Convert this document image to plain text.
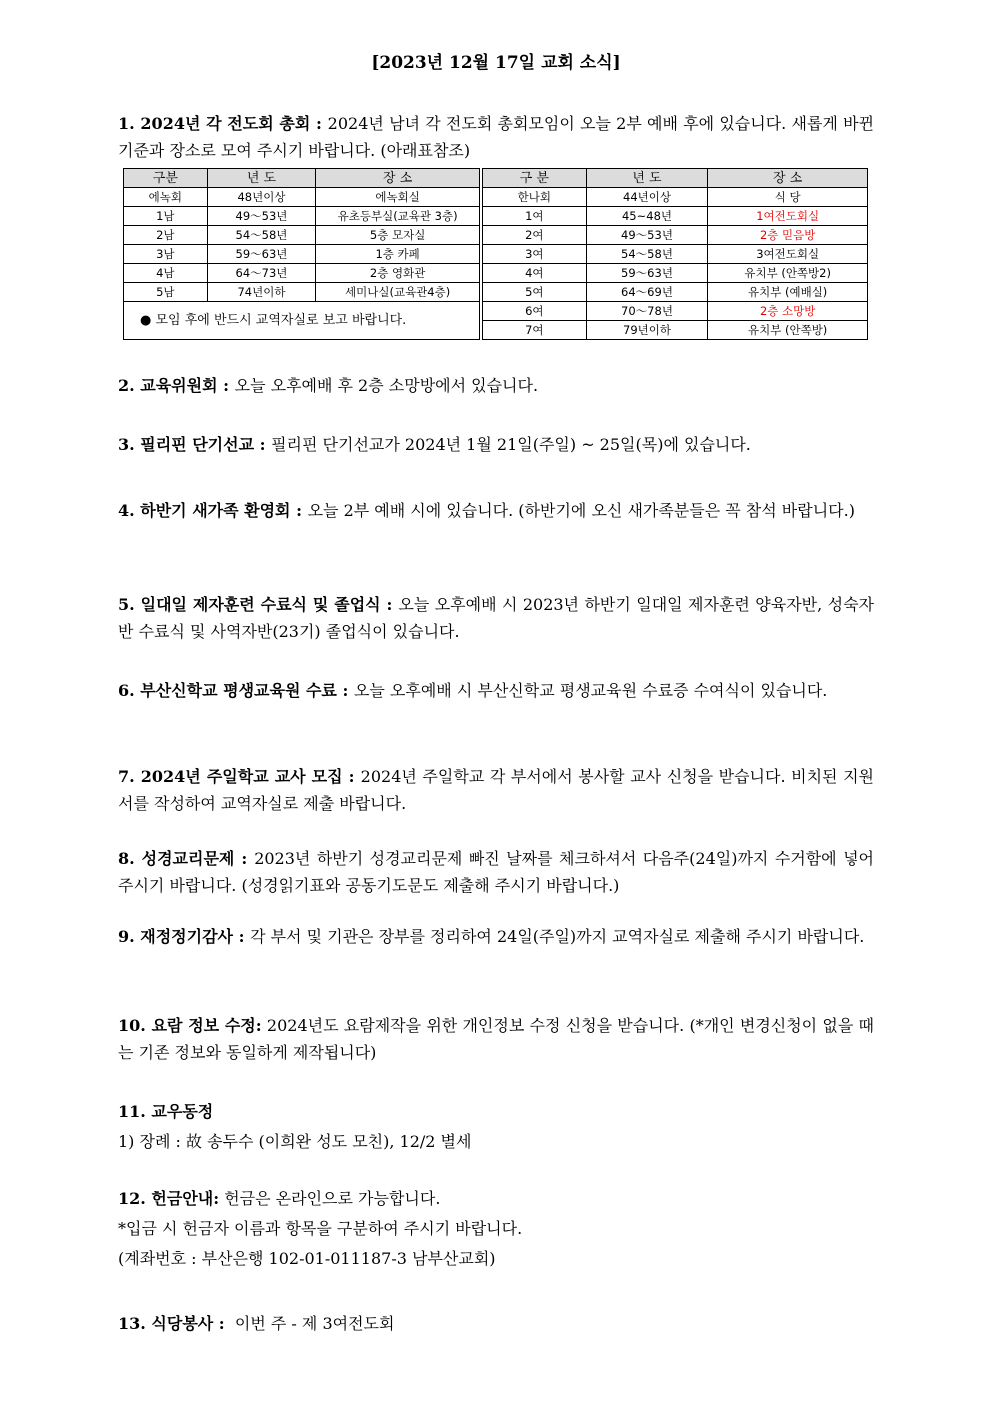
[2023년 12월 17일 교회 소식]
1. 2024년 각 전도회 총회 : 2024년 남녀 각 전도회 총회모임이 오늘 2부 예배 후에 있습니다. 새롭게 바뀐 기준과 장소로 모여 주시기 바랍니다. (아래표참조)
구분	년 도	장 소
에녹회	48년이상	에녹회실
1남	49～53년	유초등부실(교육관 3층)
2남	54～58년	5층 모자실
3남	59～63년	1층 카페
4남	64～73년	2층 영화관
5남	74년이하	세미나실(교육관4층)
● 모임 후에 반드시 교역자실로 보고 바랍니다.		
구 분	년 도	장 소
한나회	44년이상	식 당
1여	45~48년	1여전도회실
2여	49～53년	2층 믿음방
3여	54～58년	3여전도회실
4여	59～63년	유치부 (안쪽방2)
5여	64～69년	유치부 (예배실)
6여	70～78년	2층 소망방
7여	79년이하	유치부 (안쪽방)
2. 교육위원회 : 오늘 오후예배 후 2층 소망방에서 있습니다.
3. 필리핀 단기선교 : 필리핀 단기선교가 2024년 1월 21일(주일) ~ 25일(목)에 있습니다.
4. 하반기 새가족 환영회 : 오늘 2부 예배 시에 있습니다. (하반기에 오신 새가족분들은 꼭 참석 바랍니다.)
5. 일대일 제자훈련 수료식 및 졸업식 : 오늘 오후예배 시 2023년 하반기 일대일 제자훈련 양육자반, 성숙자반 수료식 및 사역자반(23기) 졸업식이 있습니다.
6. 부산신학교 평생교육원 수료 : 오늘 오후예배 시 부산신학교 평생교육원 수료증 수여식이 있습니다.
7. 2024년 주일학교 교사 모집 : 2024년 주일학교 각 부서에서 봉사할 교사 신청을 받습니다. 비치된 지원서를 작성하여 교역자실로 제출 바랍니다.
8. 성경교리문제 : 2023년 하반기 성경교리문제 빠진 날짜를 체크하셔서 다음주(24일)까지 수거함에 넣어주시기 바랍니다. (성경읽기표와 공동기도문도 제출해 주시기 바랍니다.)
9. 재정정기감사 : 각 부서 및 기관은 장부를 정리하여 24일(주일)까지 교역자실로 제출해 주시기 바랍니다.
10. 요람 정보 수정: 2024년도 요람제작을 위한 개인정보 수정 신청을 받습니다. (*개인 변경신청이 없을 때는 기존 정보와 동일하게 제작됩니다)
11. 교우동정
1) 장례 : 故 송두수 (이희완 성도 모친), 12/2 별세
12. 헌금안내: 헌금은 온라인으로 가능합니다.
*입금 시 헌금자 이름과 항목을 구분하여 주시기 바랍니다.
(계좌번호 : 부산은행 102-01-011187-3 남부산교회)
13. 식당봉사 :  이번 주 - 제 3여전도회
